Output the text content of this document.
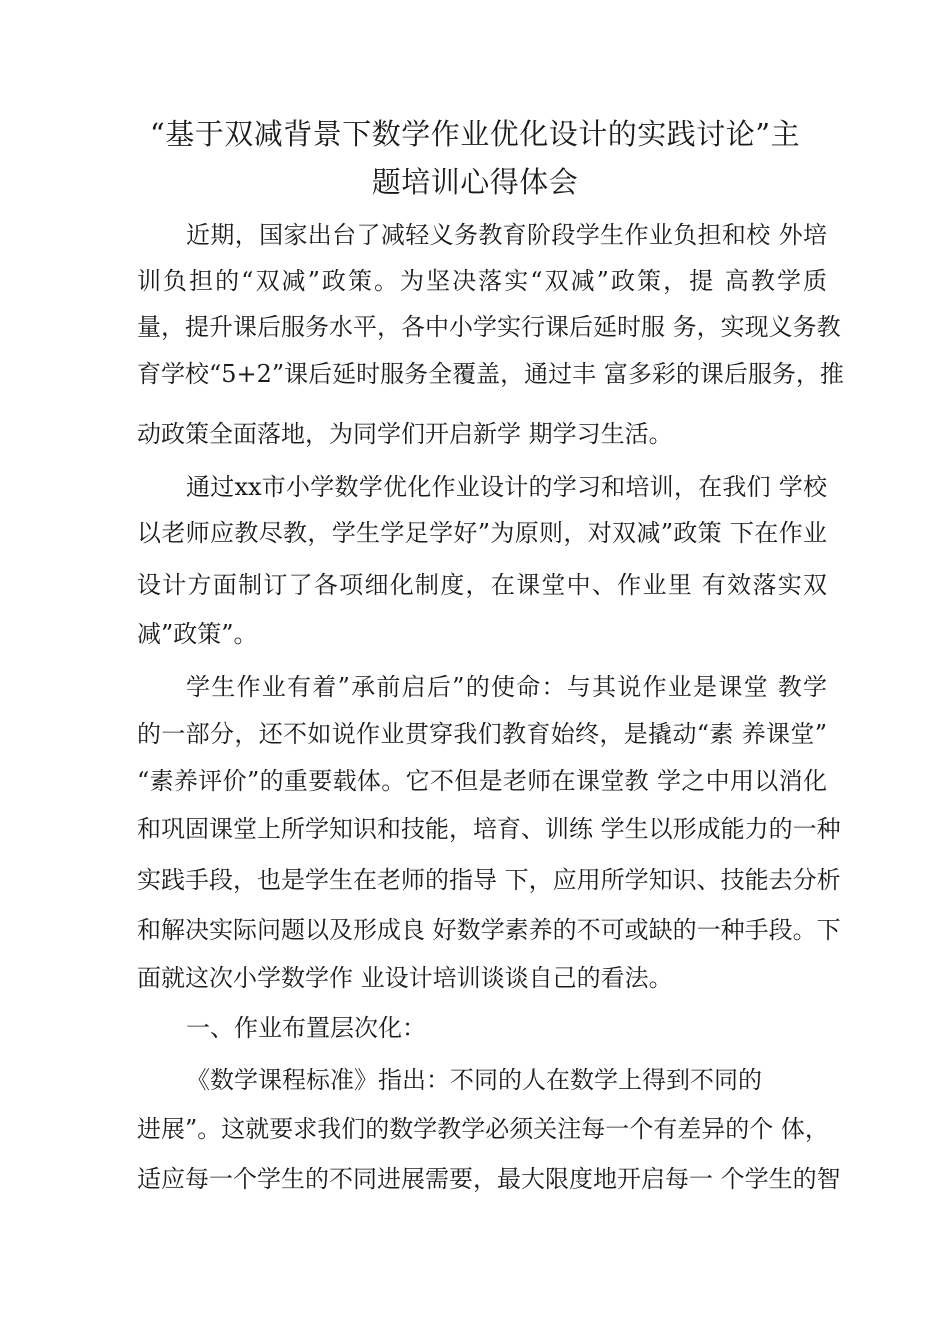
“基于双减背景下数学作业优化设计的实践讨论”主
题培训心得体会
近期，国家出台了减轻义务教育阶段学生作业负担和校 外培
训负担的“双减”政策。为坚决落实“双减”政策，提 高教学质
量，提升课后服务水平，各中小学实行课后延时服 务，实现义务教
育学校“5+2”课后延时服务全覆盖，通过丰 富多彩的课后服务，推
动政策全面落地，为同学们开启新学 期学习生活。
通过xx市小学数学优化作业设计的学习和培训，在我们 学校
以老师应教尽教，学生学足学好”为原则，对双减”政策 下在作业
设计方面制订了各项细化制度，在课堂中、作业里 有效落实双
减”政策”。
学生作业有着”承前启后”的使命：与其说作业是课堂 教学
的一部分，还不如说作业贯穿我们教育始终，是撬动“素 养课堂”
“素养评价”的重要载体。它不但是老师在课堂教 学之中用以消化
和巩固课堂上所学知识和技能，培育、训练 学生以形成能力的一种
实践手段，也是学生在老师的指导 下，应用所学知识、技能去分析
和解决实际问题以及形成良 好数学素养的不可或缺的一种手段。下
面就这次小学数学作 业设计培训谈谈自己的看法。
一、作业布置层次化：
《数学课程标准》指出：不同的人在数学上得到不同的
进展”。这就要求我们的数学教学必须关注每一个有差异的个 体，
适应每一个学生的不同进展需要，最大限度地开启每一 个学生的智
